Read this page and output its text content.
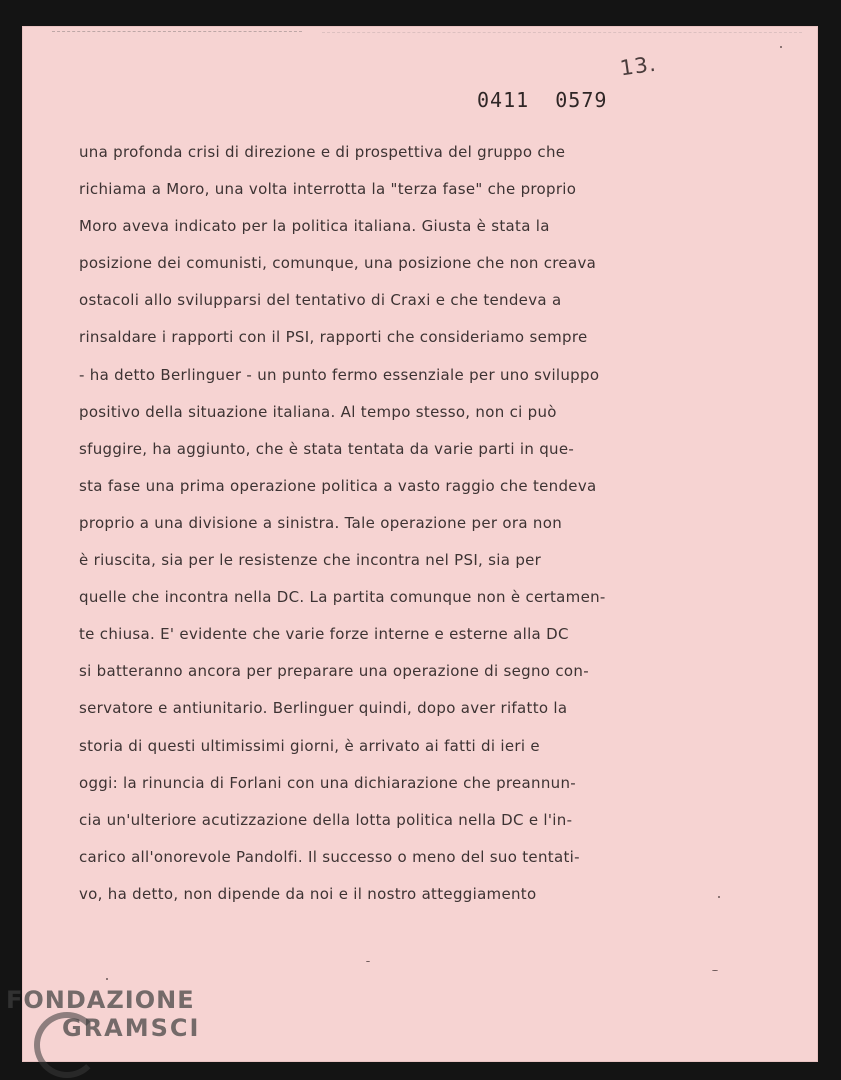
13.
0411  0579
una profonda crisi di direzione e di prospettiva del gruppo che
richiama a Moro, una volta interrotta la "terza fase" che proprio
Moro aveva indicato per la politica italiana. Giusta è stata la
posizione dei comunisti, comunque, una posizione che non creava
ostacoli allo svilupparsi del tentativo di Craxi e che tendeva a
rinsaldare i rapporti con il PSI, rapporti che consideriamo sempre
- ha detto Berlinguer - un punto fermo essenziale per uno sviluppo
positivo della situazione italiana. Al tempo stesso, non ci può
sfuggire, ha aggiunto, che è stata tentata da varie parti in que-
sta fase una prima operazione politica a vasto raggio che tendeva
proprio a una divisione a sinistra. Tale operazione per ora non
è riuscita, sia per le resistenze che incontra nel PSI, sia per
quelle che incontra nella DC. La partita comunque non è certamen-
te chiusa. E' evidente che varie forze interne e esterne alla DC
si batteranno ancora per preparare una operazione di segno con-
servatore e antiunitario. Berlinguer quindi, dopo aver rifatto la
storia di questi ultimissimi giorni, è arrivato ai fatti di ieri e
oggi: la rinuncia di Forlani con una dichiarazione che preannun-
cia un'ulteriore acutizzazione della lotta politica nella DC e l'in-
carico all'onorevole Pandolfi. Il successo o meno del suo tentati-
vo, ha detto, non dipende da noi e il nostro atteggiamento
FONDAZIONE
GRAMSCI
